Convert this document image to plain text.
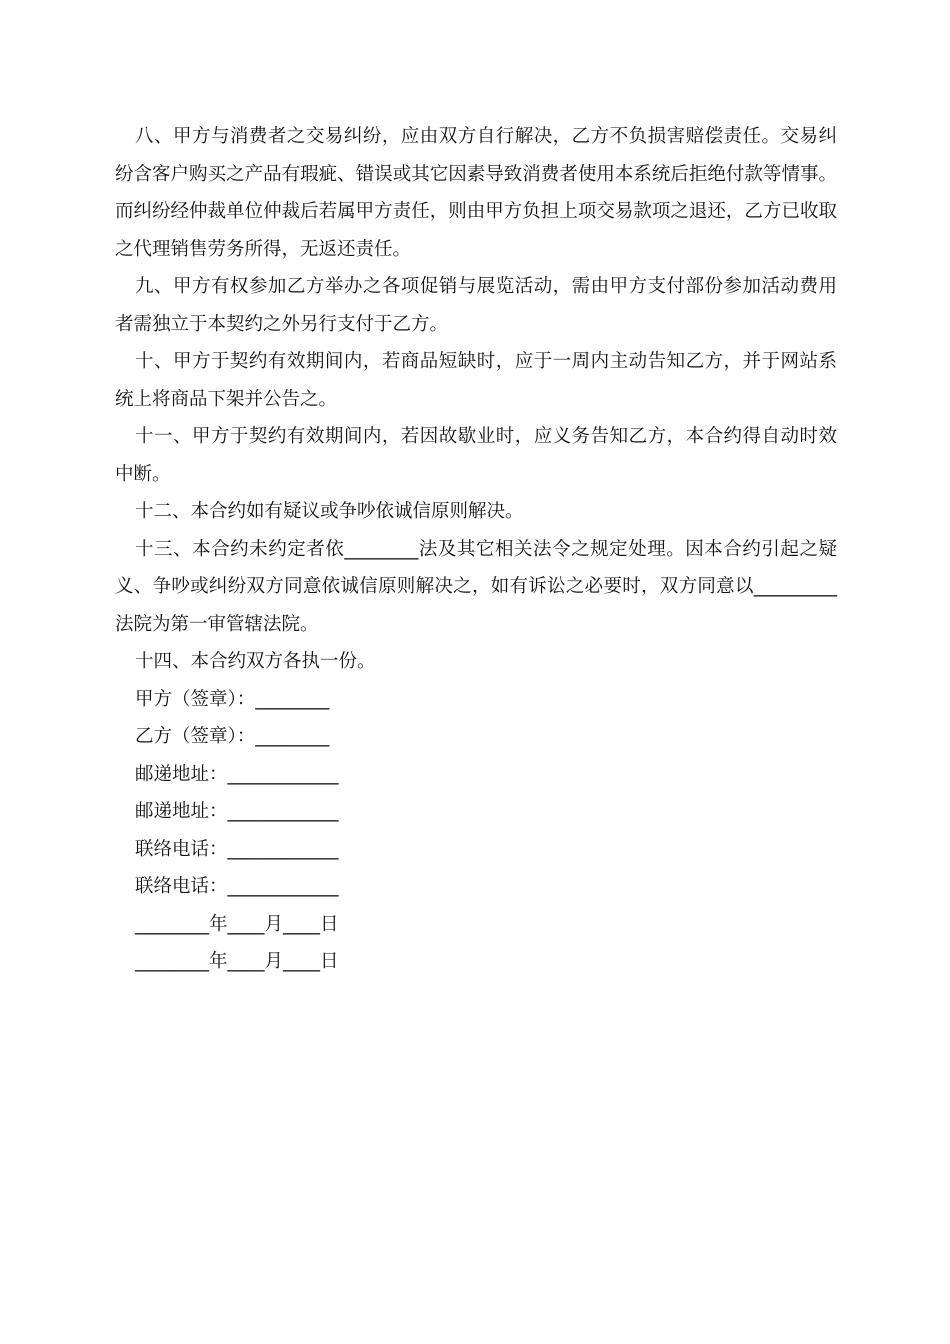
八、甲方与消费者之交易纠纷，应由双方自行解决，乙方不负损害赔偿责任。交易纠纷含客户购买之产品有瑕疵、错误或其它因素导致消费者使用本系统后拒绝付款等情事。而纠纷经仲裁单位仲裁后若属甲方责任，则由甲方负担上项交易款项之退还，乙方已收取之代理销售劳务所得，无返还责任。

九、甲方有权参加乙方举办之各项促销与展览活动，需由甲方支付部份参加活动费用者需独立于本契约之外另行支付于乙方。

十、甲方于契约有效期间内，若商品短缺时，应于一周内主动告知乙方，并于网站系统上将商品下架并公告之。

十一、甲方于契约有效期间内，若因故歇业时，应义务告知乙方，本合约得自动时效中断。

十二、本合约如有疑议或争吵依诚信原则解决。

十三、本合约未约定者依________法及其它相关法令之规定处理。因本合约引起之疑义、争吵或纠纷双方同意依诚信原则解决之，如有诉讼之必要时，双方同意以_________法院为第一审管辖法院。

十四、本合约双方各执一份。

甲方（签章）：________

乙方（签章）：________

邮递地址：____________

邮递地址：____________

联络电话：____________

联络电话：____________

________年____月____日

________年____月____日
